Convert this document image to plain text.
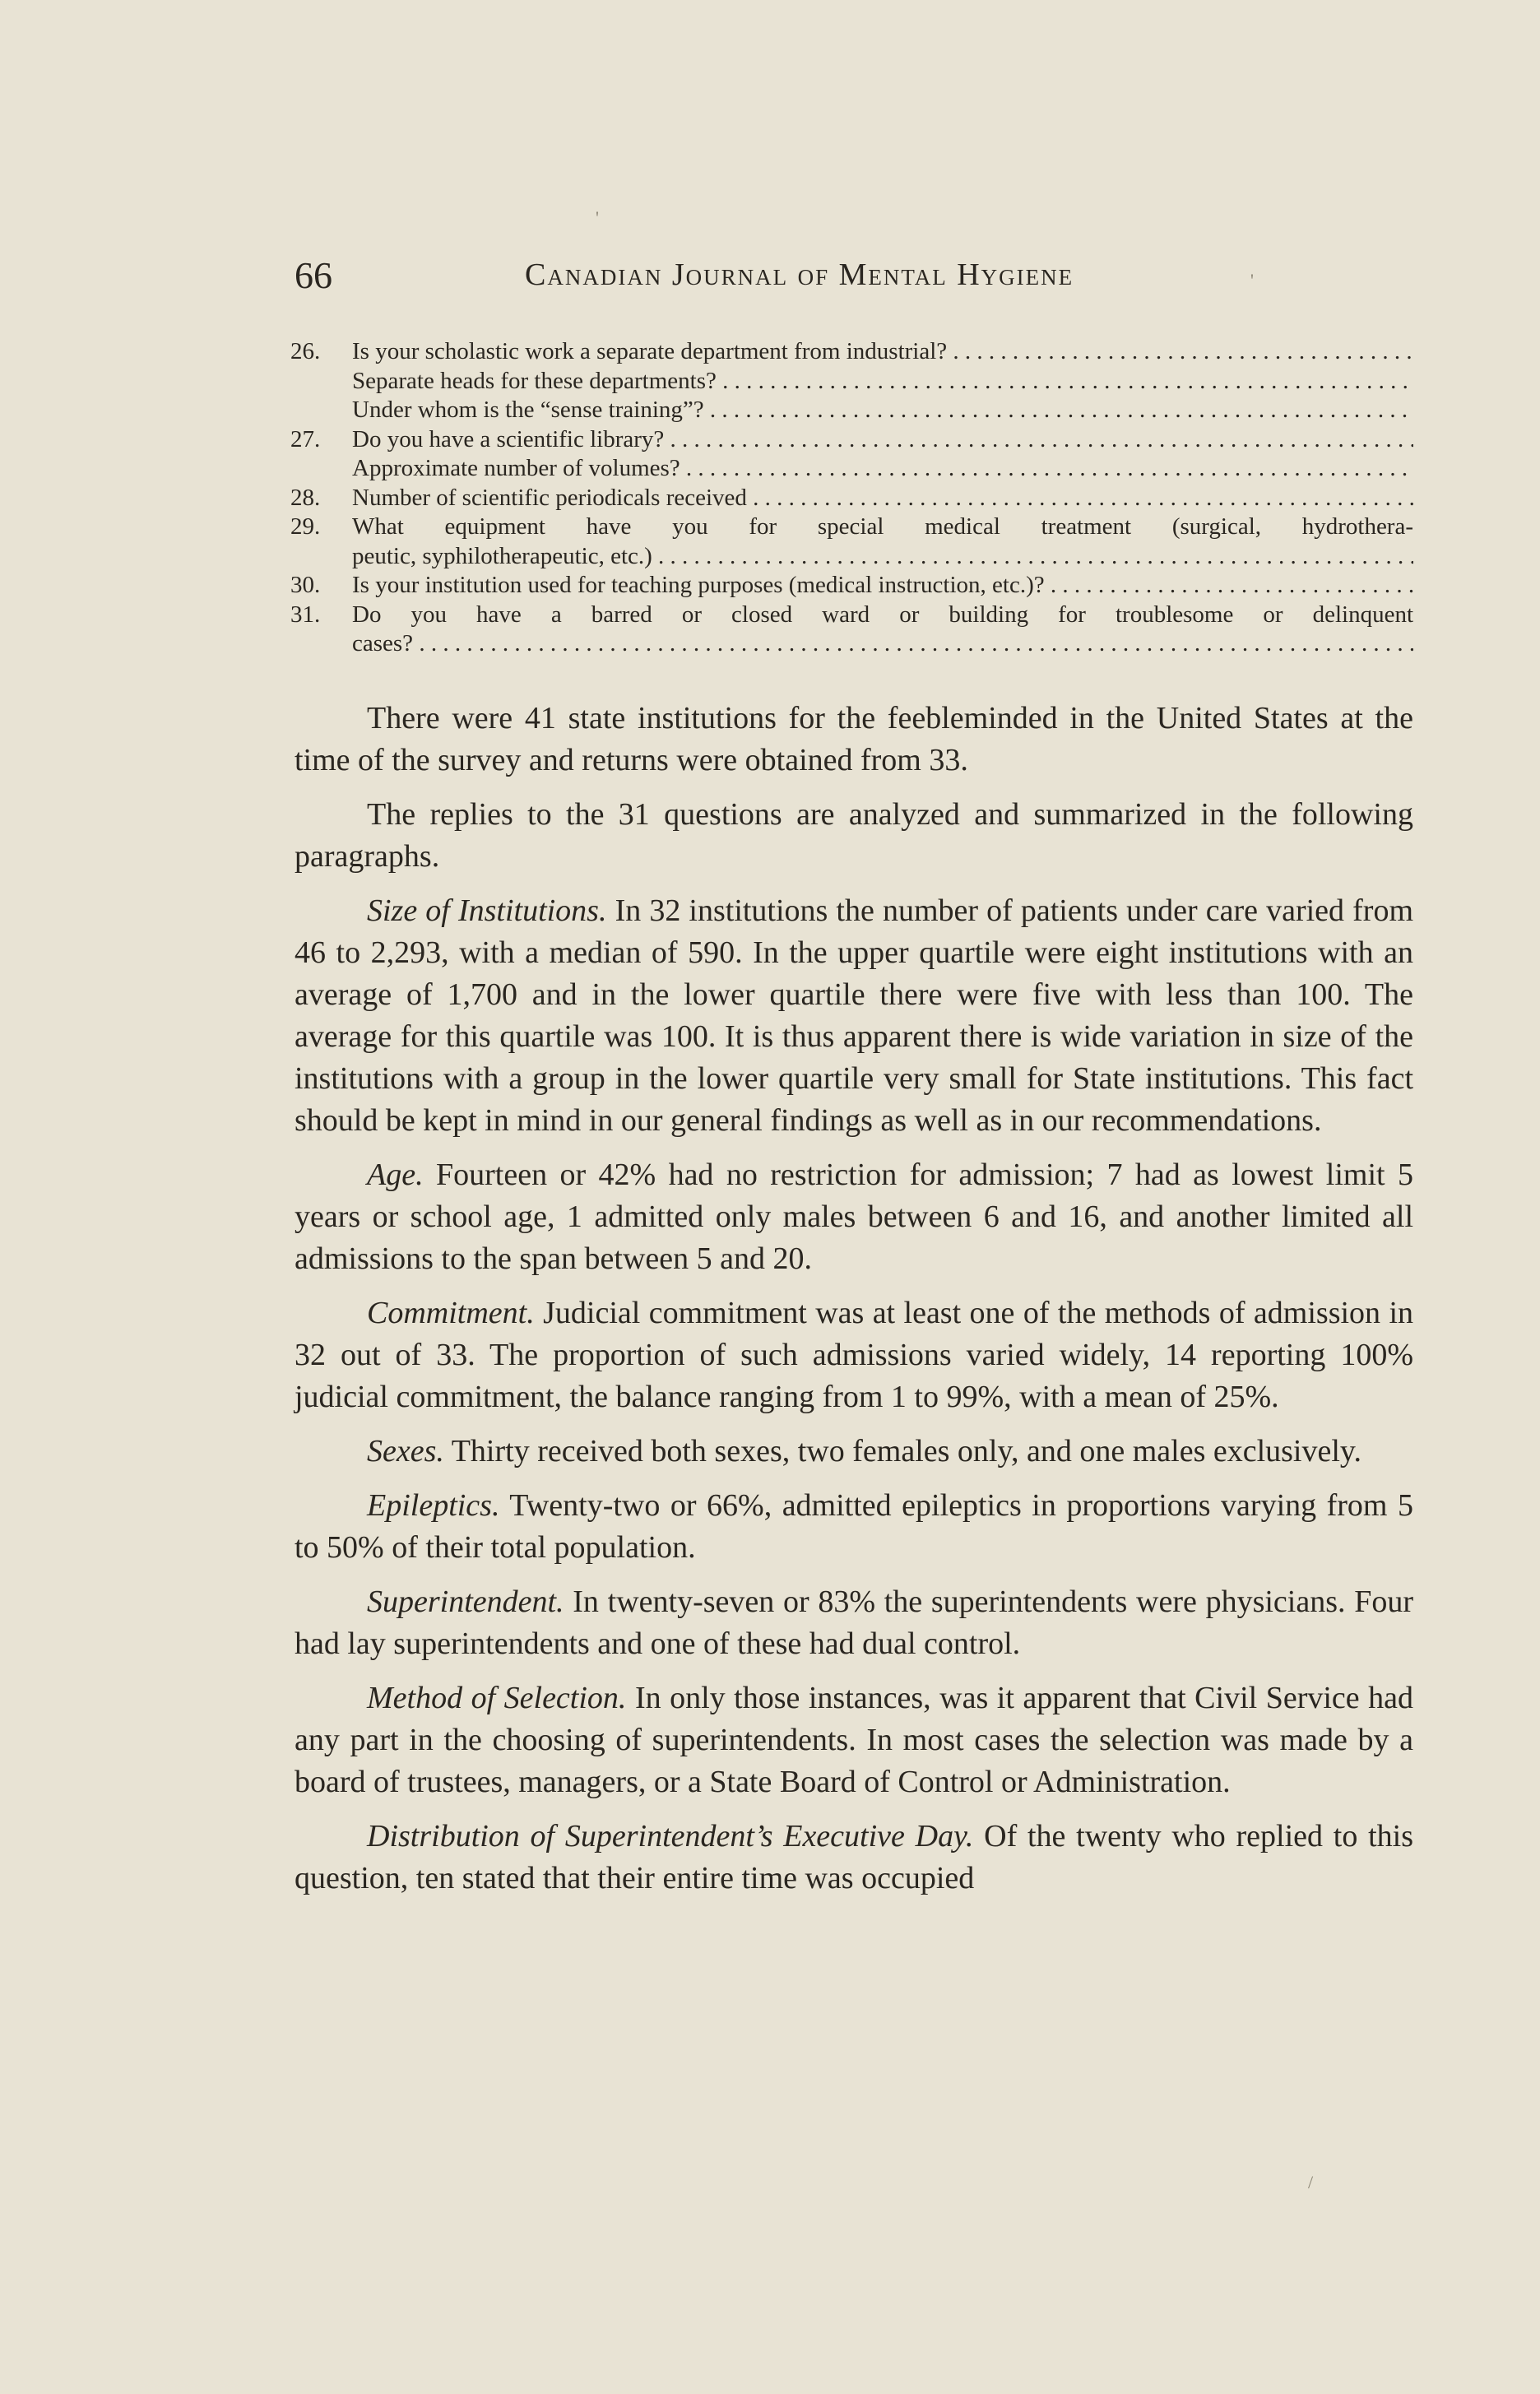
66	Canadian Journal of Mental Hygiene
26. Is your scholastic work a separate department from industrial? . . .
Separate heads for these departments? . . .
Under whom is the “sense training”? . . .
27. Do you have a scientific library? . . .
Approximate number of volumes? . . .
28. Number of scientific periodicals received . . .
29. What equipment have you for special medical treatment (surgical, hydrothera-
peutic, syphilotherapeutic, etc.) . . .
30. Is your institution used for teaching purposes (medical instruction, etc.)? . . .
31. Do you have a barred or closed ward or building for troublesome or delinquent
cases? . . .

There were 41 state institutions for the feebleminded in the United States at the time of the survey and returns were obtained from 33.

The replies to the 31 questions are analyzed and summarized in the following paragraphs.

Size of Institutions. In 32 institutions the number of patients under care varied from 46 to 2,293, with a median of 590. In the upper quartile were eight institutions with an average of 1,700 and in the lower quartile there were five with less than 100. The average for this quartile was 100. It is thus apparent there is wide variation in size of the institutions with a group in the lower quartile very small for State institutions. This fact should be kept in mind in our general findings as well as in our recommendations.

Age. Fourteen or 42% had no restriction for admission; 7 had as lowest limit 5 years or school age, 1 admitted only males between 6 and 16, and another limited all admissions to the span between 5 and 20.

Commitment. Judicial commitment was at least one of the methods of admission in 32 out of 33. The proportion of such admissions varied widely, 14 reporting 100% judicial commitment, the balance ranging from 1 to 99%, with a mean of 25%.

Sexes. Thirty received both sexes, two females only, and one males exclusively.

Epileptics. Twenty-two or 66%, admitted epileptics in proportions varying from 5 to 50% of their total population.

Superintendent. In twenty-seven or 83% the superintendents were physicians. Four had lay superintendents and one of these had dual control.

Method of Selection. In only those instances, was it apparent that Civil Service had any part in the choosing of superintendents. In most cases the selection was made by a board of trustees, managers, or a State Board of Control or Administration.

Distribution of Superintendent’s Executive Day. Of the twenty who replied to this question, ten stated that their entire time was occupied

'
'
/
